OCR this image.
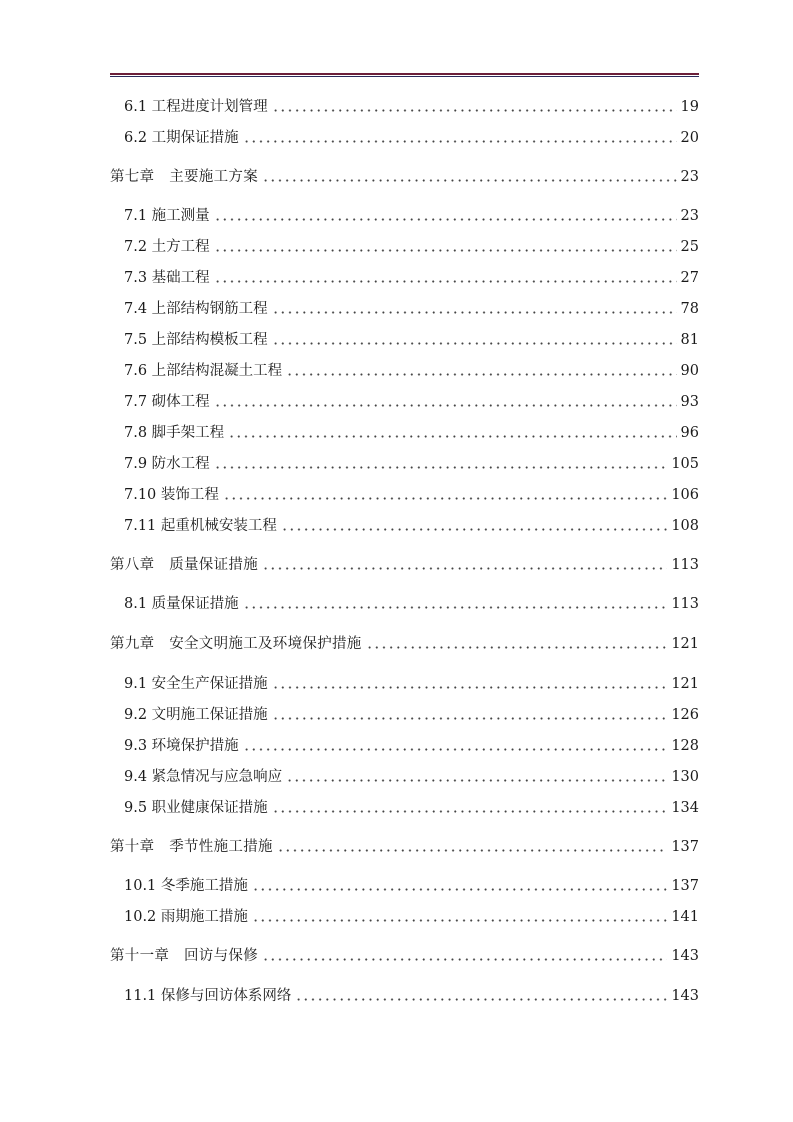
6.1 工程进度计划管理	19
6.2 工期保证措施	20
第七章　主要施工方案	23
7.1 施工测量	23
7.2 土方工程	25
7.3 基础工程	27
7.4 上部结构钢筋工程	78
7.5 上部结构模板工程	81
7.6 上部结构混凝土工程	90
7.7 砌体工程	93
7.8 脚手架工程	96
7.9 防水工程	105
7.10 装饰工程	106
7.11 起重机械安装工程	108
第八章　质量保证措施	113
8.1 质量保证措施	113
第九章　安全文明施工及环境保护措施	121
9.1 安全生产保证措施	121
9.2 文明施工保证措施	126
9.3 环境保护措施	128
9.4 紧急情况与应急响应	130
9.5 职业健康保证措施	134
第十章　季节性施工措施	137
10.1 冬季施工措施	137
10.2 雨期施工措施	141
第十一章　回访与保修	143
11.1 保修与回访体系网络	143
